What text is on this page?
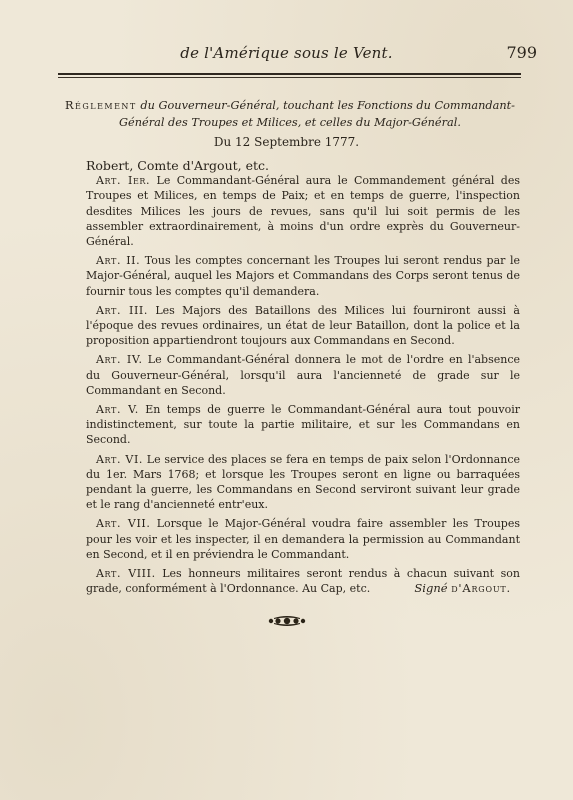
de l'Amérique sous le Vent.	799
Réglement du Gouverneur-Général, touchant les Fonctions du Commandant-Général des Troupes et Milices, et celles du Major-Général.
Du 12 Septembre 1777.

Robert, Comte d'Argout, etc.

Art. Ier. Le Commandant-Général aura le Commandement général des Troupes et Milices, en temps de Paix; et en temps de guerre, l'inspection desdites Milices les jours de revues, sans qu'il lui soit permis de les assembler extraordinairement, à moins d'un ordre exprès du Gouverneur-Général.

Art. II. Tous les comptes concernant les Troupes lui seront rendus par le Major-Général, auquel les Majors et Commandans des Corps seront tenus de fournir tous les comptes qu'il demandera.

Art. III. Les Majors des Bataillons des Milices lui fourniront aussi à l'époque des revues ordinaires, un état de leur Bataillon, dont la police et la proposition appartiendront toujours aux Commandans en Second.

Art. IV. Le Commandant-Général donnera le mot de l'ordre en l'absence du Gouverneur-Général, lorsqu'il aura l'ancienneté de grade sur le Commandant en Second.

Art. V. En temps de guerre le Commandant-Général aura tout pouvoir indistinctement, sur toute la partie militaire, et sur les Commandans en Second.

Art. VI. Le service des places se fera en temps de paix selon l'Ordonnance du 1er. Mars 1768; et lorsque les Troupes seront en ligne ou barraquées pendant la guerre, les Commandans en Second serviront suivant leur grade et le rang d'ancienneté entr'eux.

Art. VII. Lorsque le Major-Général voudra faire assembler les Troupes pour les voir et les inspecter, il en demandera la permission au Commandant en Second, et il en préviendra le Commandant.

Art. VIII. Les honneurs militaires seront rendus à chacun suivant son grade, conformément à l'Ordonnance. Au Cap, etc.	Signé d'Argout.
